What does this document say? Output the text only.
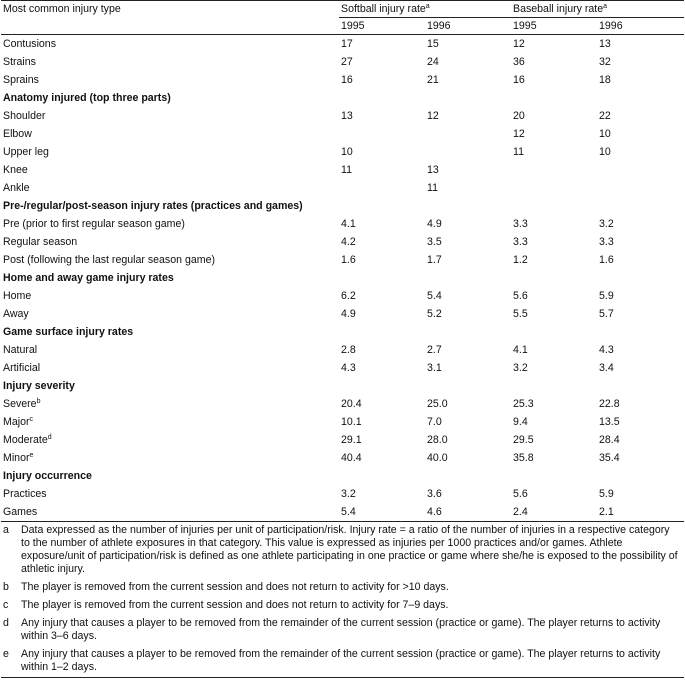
Most common injury type	Softball injury rate$^a$		Baseball injury rate$^a$
	1995	1996	1995	1996
Contusions	17	15	12	13
Strains	27	24	36	32
Sprains	16	21	16	18
Anatomy injured (top three parts)				
Shoulder	13	12	20	22
Elbow			12	10
Upper leg	10		11	10
Knee	11	13		
Ankle		11		
Pre-/regular/post-season injury rates (practices and games)				
Pre (prior to first regular season game)	4.1	4.9	3.3	3.2
Regular season	4.2	3.5	3.3	3.3
Post (following the last regular season game)	1.6	1.7	1.2	1.6
Home and away game injury rates				
Home	6.2	5.4	5.6	5.9
Away	4.9	5.2	5.5	5.7
Game surface injury rates				
Natural	2.8	2.7	4.1	4.3
Artificial	4.3	3.1	3.2	3.4
Injury severity				
Severe$^b$	20.4	25.0	25.3	22.8
Major$^c$	10.1	7.0	9.4	13.5
Moderate$^d$	29.1	28.0	29.5	28.4
Minor$^e$	40.4	40.0	35.8	35.4
Injury occurrence				
Practices	3.2	3.6	5.6	5.9
Games	5.4	4.6	2.4	2.1
a	Data expressed as the number of injuries per unit of participation/risk. Injury rate = a ratio of the number of injuries in a respective category to the number of athlete exposures in that category. This value is expressed as injuries per 1000 practices and/or games. Athlete exposure/unit of participation/risk is defined as one athlete participating in one practice or game where she/he is exposed to the possibility of athletic injury.
b	The player is removed from the current session and does not return to activity for >10 days.
c	The player is removed from the current session and does not return to activity for 7–9 days.
d	Any injury that causes a player to be removed from the remainder of the current session (practice or game). The player returns to activity within 3–6 days.
e	Any injury that causes a player to be removed from the remainder of the current session (practice or game). The player returns to activity within 1–2 days.
